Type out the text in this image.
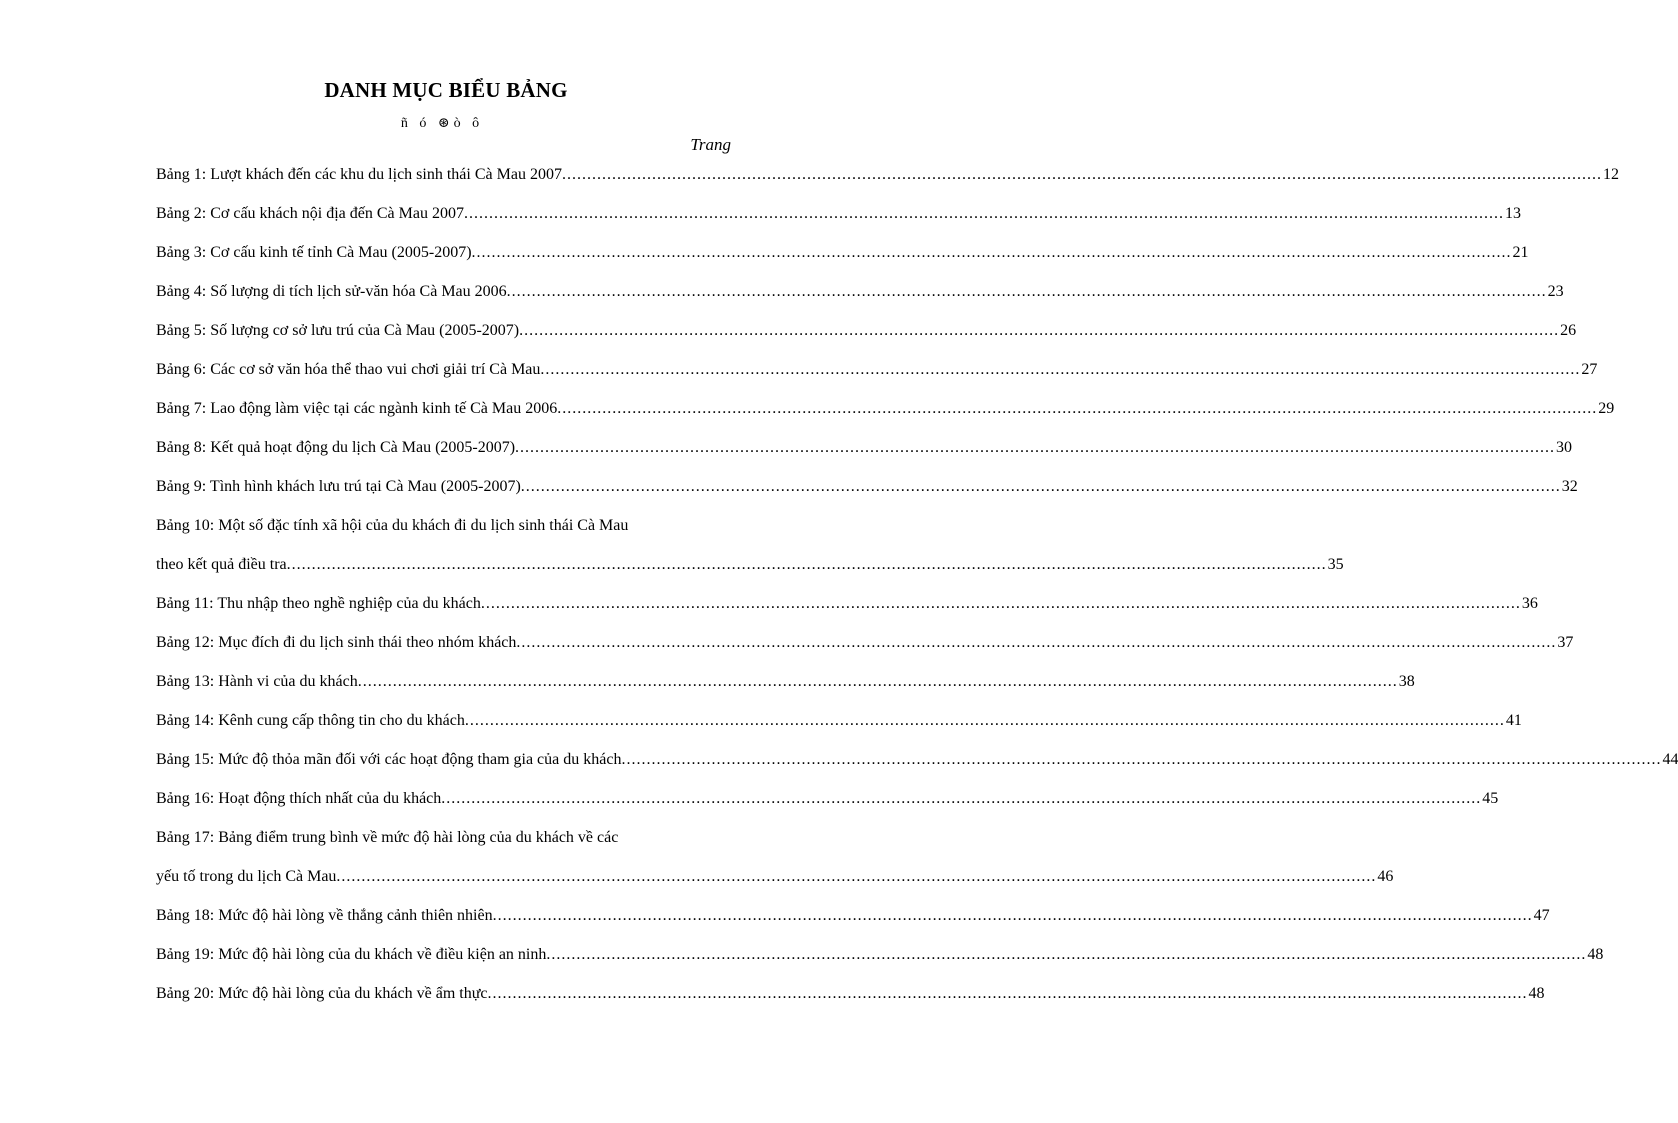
DANH MỤC BIỂU BẢNG
ñ ó ⊛ò ô
Trang
Bảng 1: Lượt khách đến các khu du lịch sinh thái Cà Mau 2007 .....	12
Bảng 2: Cơ cấu khách nội địa đến Cà Mau 2007 .....	13
Bảng 3: Cơ cấu kinh tế tỉnh Cà Mau (2005-2007) .....	21
Bảng 4: Số lượng di tích lịch sử-văn hóa Cà Mau 2006 .....	23
Bảng 5: Số lượng cơ sở lưu trú của Cà Mau (2005-2007) .....	26
Bảng 6: Các cơ sở văn hóa thể thao vui chơi giải trí Cà Mau .....	27
Bảng 7: Lao động làm việc tại các ngành kinh tế Cà Mau 2006 .....	29
Bảng 8: Kết quả hoạt động du lịch Cà Mau (2005-2007) .....	30
Bảng 9: Tình hình khách lưu trú tại Cà Mau (2005-2007) .....	32
Bảng 10: Một số đặc tính xã hội của du khách đi du lịch sinh thái Cà Mau
theo kết quả điều tra .....	35
Bảng 11: Thu nhập theo nghề nghiệp của du khách .....	36
Bảng 12: Mục đích đi du lịch sinh thái theo nhóm khách .....	37
Bảng 13: Hành vi của du khách .....	38
Bảng 14: Kênh cung cấp thông tin cho du khách .....	41
Bảng 15: Mức độ thỏa mãn đối với các hoạt động tham gia của du khách .....	44
Bảng 16: Hoạt động thích nhất của du khách .....	45
Bảng 17: Bảng điểm trung bình về mức độ hài lòng của du khách về các
yếu tố trong du lịch Cà Mau .....	46
Bảng 18: Mức độ hài lòng về thắng cảnh thiên nhiên .....	47
Bảng 19: Mức độ hài lòng của du khách về điều kiện an ninh .....	48
Bảng 20: Mức độ hài lòng của du khách về ẩm thực .....	48
